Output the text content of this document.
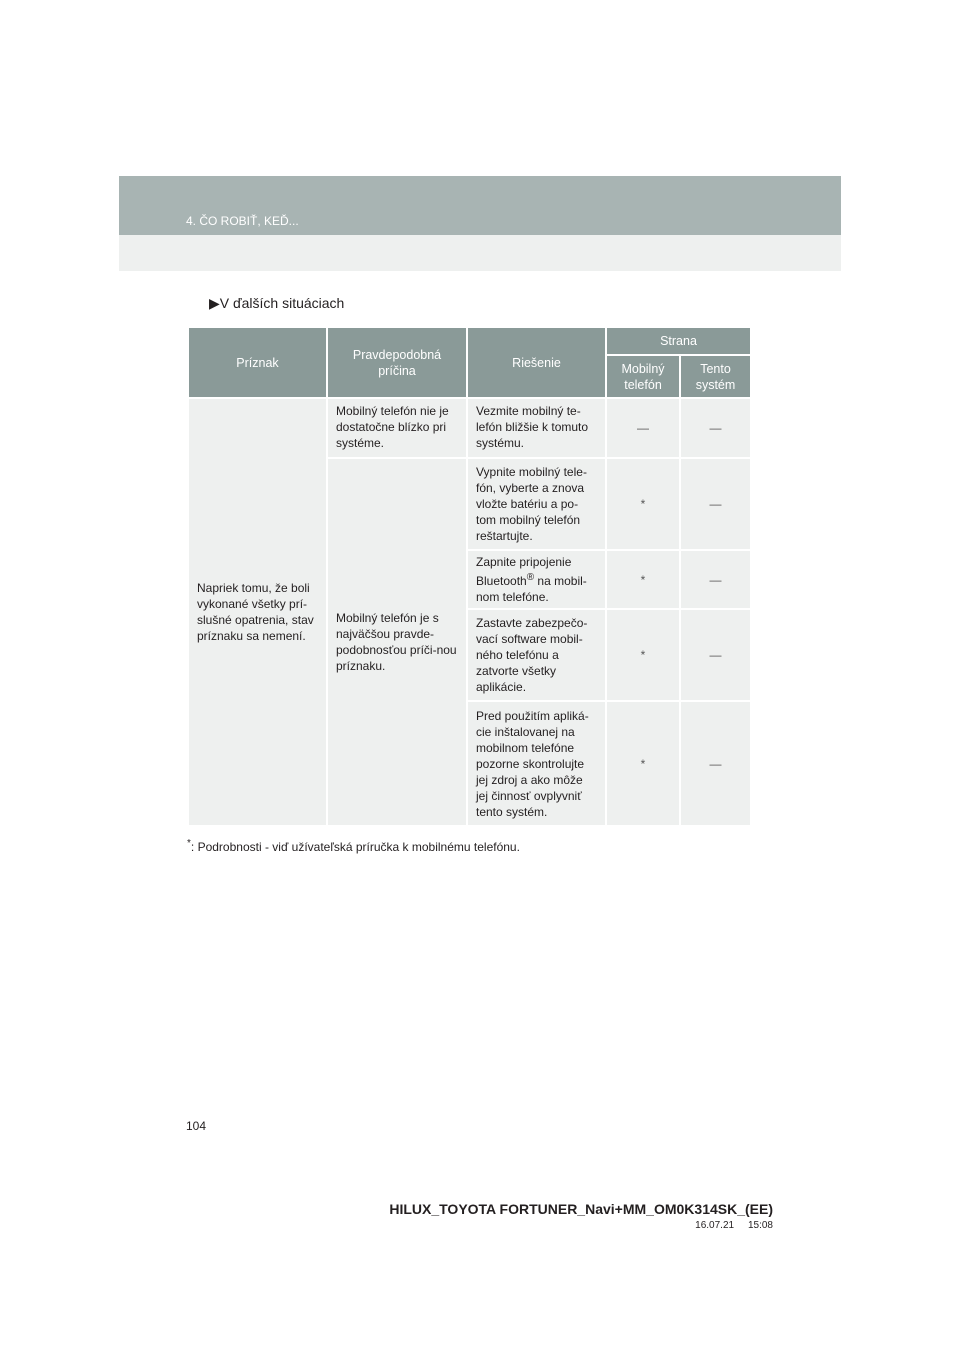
4. ČO ROBIŤ, KEĎ...
▶V ďalších situáciach
Príznak	Pravdepodobná príčina	Riešenie	Strana	
			Mobilný telefón	Tento systém
Napriek tomu, že boli vykonané všetky prí-slušné opatrenia, stav príznaku sa nemení.	Mobilný telefón nie je dostatočne blízko pri systéme.	Vezmite mobilný te-lefón bližšie k tomuto systému.	—	—
	Mobilný telefón je s najväčšou pravde-podobnosťou príči-nou príznaku.	Vypnite mobilný tele-fón, vyberte a znova vložte batériu a po-tom mobilný telefón reštartujte.	*	—
		Zapnite pripojenie Bluetooth® na mobil-nom telefóne.	*	—
		Zastavte zabezpečo-vací software mobil-ného telefónu a zatvorte všetky aplikácie.	*	—
		Pred použitím apliká-cie inštalovanej na mobilnom telefóne pozorne skontrolujte jej zdroj a ako môže jej činnosť ovplyvniť tento systém.	*	—
*: Podrobnosti - viď užívateľská príručka k mobilnému telefónu.
104
HILUX_TOYOTA FORTUNER_Navi+MM_OM0K314SK_(EE)
16.07.21     15:08
